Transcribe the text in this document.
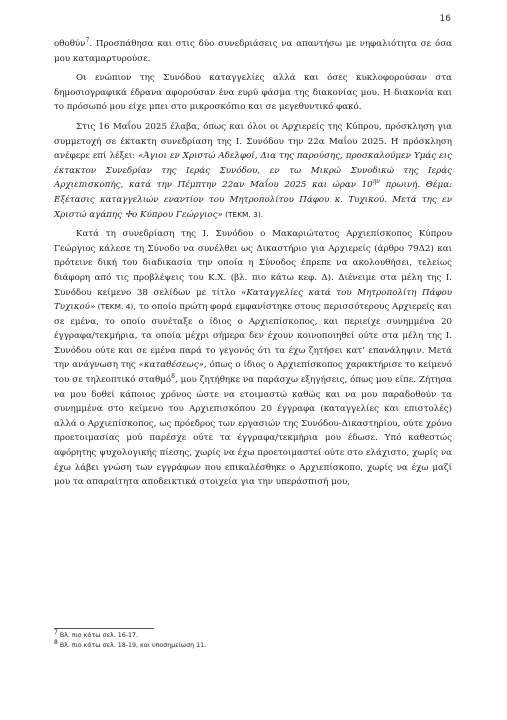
16

οθοθύν$^7$. Προσπάθησα και στις δύο συνεδριάσεις να απαντήσω με νηφαλιότητα σε όσα μου καταμαρτυρούσε.

Οι ενώπιον της Συνόδου καταγγελίες αλλά και όσες κυκλοφορούσαν στα δημοσιογραφικά έδρανα αφορούσαν ένα ευρύ φάσμα της διακονίας μου. Η διακονία και το πρόσωπό μου είχε μπει στο μικροσκόπιο και σε μεγεθυντικό φακό.

Στις 16 Μαΐου 2025 έλαβα, όπως και όλοι οι Αρχιερείς της Κύπρου, πρόσκληση για συμμετοχή σε έκτακτη συνεδρίαση της Ι. Συνόδου την 22α Μαΐου 2025. Η πρόσκληση ανέφερε επί λέξει: «Άγιοι εν Χριστώ Αδελφοί, Δια της παρούσης, προσκαλούμεν Υμάς εις έκτακτον Συνεδρίαν της Ιεράς Συνόδου, εν τω Μικρώ Συνοδικώ της Ιεράς Αρχιεπισκοπής, κατά την Πέμπτην 22αν Μαΐου 2025 και ώραν $10^{\eta\nu}$ πρωινή. Θέμα: Εξέτασις καταγγελιών εναντίον του Μητροπολίτου Πάφου κ. Τυχικού. Μετά της εν Χριστώ αγάπης ✢ο Κύπρου Γεώργιος» (ΤΕΚΜ. 3).

Κατά τη συνεδρίαση της Ι. Συνόδου ο Μακαριώτατος Αρχιεπίσκοπος Κύπρου Γεώργιος κάλεσε τη Σύνοδο να συνέλθει ως Δικαστήριο για Αρχιερείς (άρθρο 79Δ2) και πρότεινε δική του διαδικασία την οποία η Σύνοδος έπρεπε να ακολουθήσει, τελείως διάφορη από τις προβλέψεις του Κ.Χ. (βλ. πιο κάτω κεφ. Δ). Διένειμε στα μέλη της Ι. Συνόδου κείμενο 38 σελίδων με τίτλο «Καταγγελίες κατά του Μητροπολίτη Πάφου Τυχικού» (ΤΕΚΜ. 4), το οποίο πρώτη φορά εμφανίστηκε στους περισσότερους Αρχιερείς και σε εμένα, το οποίο συνέταξε ο ίδιος ο Αρχιεπίσκοπος, και περιείχε συνημμένα 20 έγγραφα/τεκμήρια, τα οποία μέχρι σήμερα δεν έχουν κοινοποιηθεί ούτε στα μέλη της Ι. Συνόδου ούτε και σε εμένα παρά το γεγονός ότι τα έχω ζητήσει κατ’ επανάληψιν. Μετά την ανάγνωση της «καταθέσεως», όπως ο ίδιος ο Αρχιεπίσκοπος χαρακτήρισε το κείμενό του σε τηλεοπτικό σταθμό$^8$, μου ζητήθηκε να παράσχω εξηγήσεις, όπως μου είπε. Ζήτησα να μου δοθεί κάποιος χρόνος ώστε να ετοιμαστώ καθώς και να μου παραδοθούν τα συνημμένα στο κείμενο του Αρχιεπισκόπου 20 έγγραφα (καταγγελίες και επιστολές) αλλά ο Αρχιεπίσκοπος, ως πρόεδρος των εργασιών της Συνόδου-Δικαστηρίου, ούτε χρόνο προετοιμασίας μού παρέσχε ούτε τα έγγραφα/τεκμήρια μου έδωσε. Υπό καθεστώς αφόρητης ψυχολογικής πίεσης, χωρίς να έχω προετοιμαστεί ούτε στο ελάχιστο, χωρίς να έχω λάβει γνώση των εγγράφων που επικαλέσθηκε ο Αρχιεπίσκοπο, χωρίς να έχω μαζί μου τα απαραίτητα αποδεικτικά στοιχεία για την υπεράσπισή μου,

$^7$ Βλ. πιο κάτω σελ. 16-17.
$^8$ Βλ. πιο κάτω σελ. 18-19, και υποσημείωση 11.
